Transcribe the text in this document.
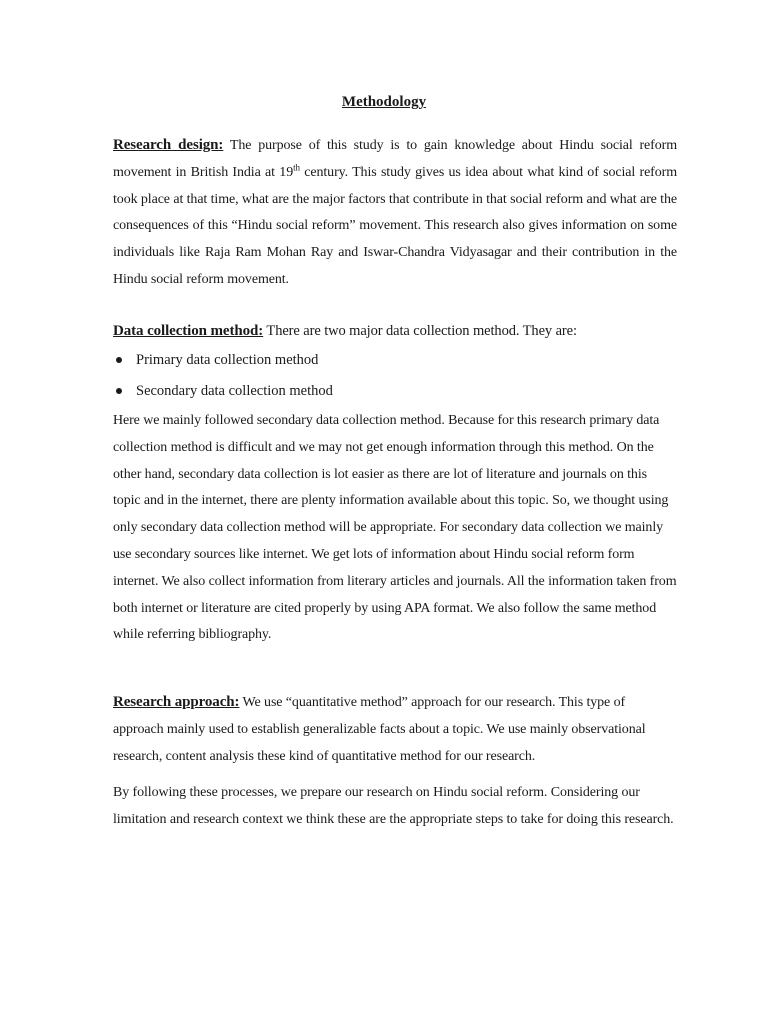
Methodology
Research design: The purpose of this study is to gain knowledge about Hindu social reform movement in British India at 19th century. This study gives us idea about what kind of social reform took place at that time, what are the major factors that contribute in that social reform and what are the consequences of this “Hindu social reform” movement. This research also gives information on some individuals like Raja Ram Mohan Ray and Iswar-Chandra Vidyasagar and their contribution in the Hindu social reform movement.
Data collection method: There are two major data collection method. They are:
Primary data collection method
Secondary data collection method
Here we mainly followed secondary data collection method. Because for this research primary data collection method is difficult and we may not get enough information through this method. On the other hand, secondary data collection is lot easier as there are lot of literature and journals on this topic and in the internet, there are plenty information available about this topic. So, we thought using only secondary data collection method will be appropriate. For secondary data collection we mainly use secondary sources like internet. We get lots of information about Hindu social reform form internet. We also collect information from literary articles and journals. All the information taken from both internet or literature are cited properly by using APA format. We also follow the same method while referring bibliography.
Research approach: We use “quantitative method” approach for our research. This type of approach mainly used to establish generalizable facts about a topic. We use mainly observational research, content analysis these kind of quantitative method for our research.
By following these processes, we prepare our research on Hindu social reform. Considering our limitation and research context we think these are the appropriate steps to take for doing this research.
